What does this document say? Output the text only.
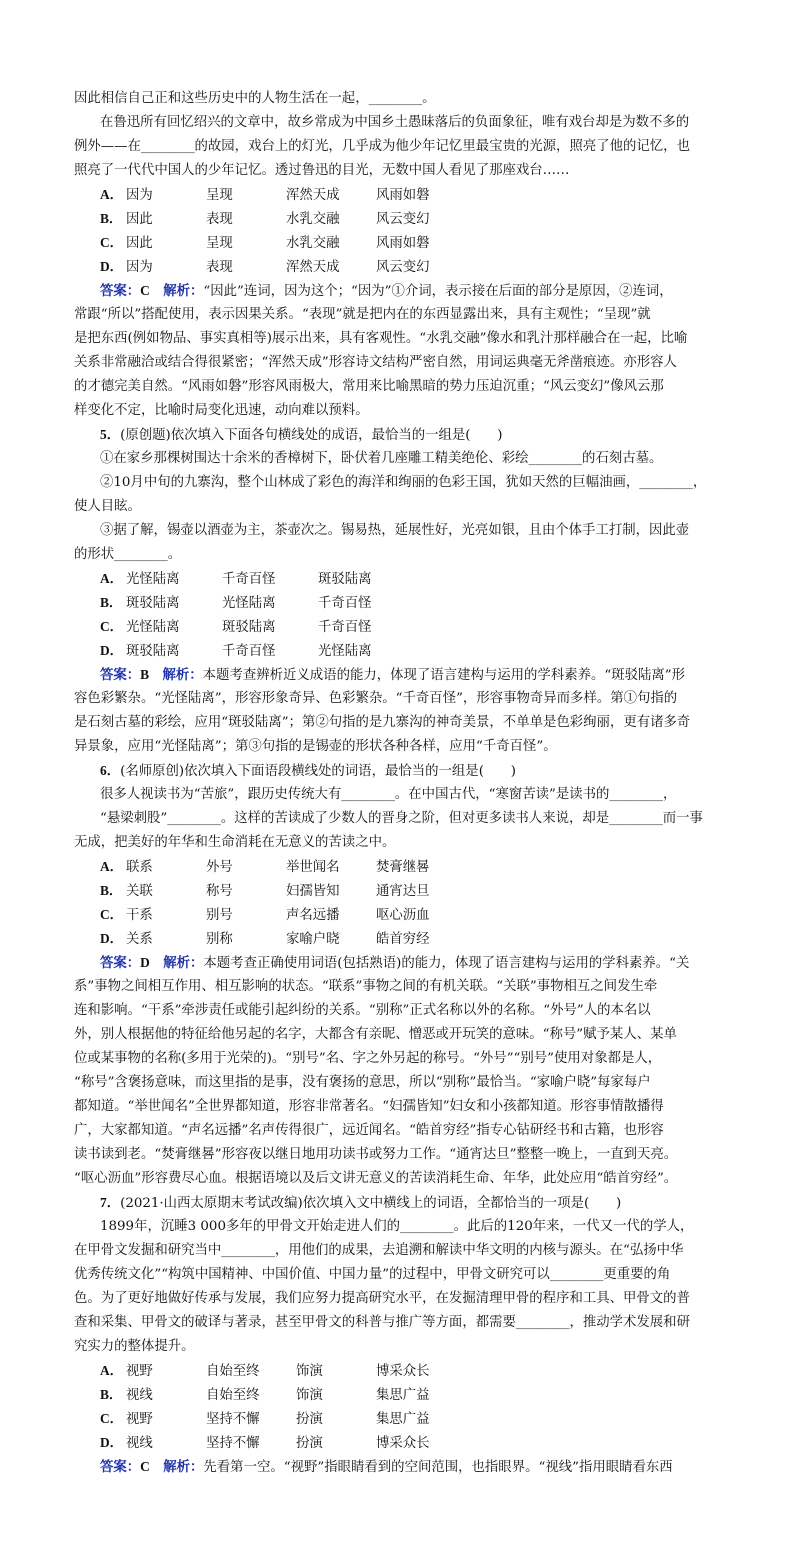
因此相信自己正和这些历史中的人物生活在一起，________。
在鲁迅所有回忆绍兴的文章中，故乡常成为中国乡土愚昧落后的负面象征，唯有戏台却是为数不多的
例外——在________的故园，戏台上的灯光，几乎成为他少年记忆里最宝贵的光源，照亮了他的记忆，也
照亮了一代代中国人的少年记忆。透过鲁迅的目光，无数中国人看见了那座戏台……
A． 因为	呈现	浑然天成	风雨如磐
B． 因此	表现	水乳交融	风云变幻
C． 因此	呈现	水乳交融	风雨如磐
D． 因为	表现	浑然天成	风云变幻
答案：C　 解析：“因此”连词，因为这个；“因为”①介词，表示接在后面的部分是原因，②连词，
常跟“所以”搭配使用，表示因果关系。“表现”就是把内在的东西显露出来，具有主观性；“呈现”就
是把东西(例如物品、事实真相等)展示出来，具有客观性。“水乳交融”像水和乳汁那样融合在一起，比喻
关系非常融洽或结合得很紧密；“浑然天成”形容诗文结构严密自然，用词运典毫无斧凿痕迹。亦形容人
的才德完美自然。“风雨如磐”形容风雨极大，常用来比喻黑暗的势力压迫沉重；“风云变幻”像风云那
样变化不定，比喻时局变化迅速，动向难以预料。
5．(原创题)依次填入下面各句横线处的成语，最恰当的一组是(　　)
①在家乡那棵树围达十余米的香樟树下，卧伏着几座雕工精美绝伦、彩绘________的石刻古墓。
②10月中旬的九寨沟，整个山林成了彩色的海洋和绚丽的色彩王国，犹如天然的巨幅油画，________，
使人目眩。
③据了解，锡壶以酒壶为主，茶壶次之。锡易热，延展性好，光亮如银，且由个体手工打制，因此壶
的形状________。
A． 光怪陆离	千奇百怪	斑驳陆离
B． 斑驳陆离	光怪陆离	千奇百怪
C． 光怪陆离	斑驳陆离	千奇百怪
D． 斑驳陆离	千奇百怪	光怪陆离
答案：B　 解析：本题考查辨析近义成语的能力，体现了语言建构与运用的学科素养。“斑驳陆离”形
容色彩繁杂。“光怪陆离”，形容形象奇异、色彩繁杂。“千奇百怪”，形容事物奇异而多样。第①句指的
是石刻古墓的彩绘，应用“斑驳陆离”；第②句指的是九寨沟的神奇美景，不单单是色彩绚丽，更有诸多奇
异景象，应用“光怪陆离”；第③句指的是锡壶的形状各种各样，应用“千奇百怪”。
6．(名师原创)依次填入下面语段横线处的词语，最恰当的一组是(　　)
很多人视读书为“苦旅”，跟历史传统大有________。在中国古代，“寒窗苦读”是读书的________，
“悬梁刺股”________。这样的苦读成了少数人的晋身之阶，但对更多读书人来说，却是________而一事
无成，把美好的年华和生命消耗在无意义的苦读之中。
A． 联系	外号	举世闻名	焚膏继晷
B． 关联	称号	妇孺皆知	通宵达旦
C． 干系	别号	声名远播	呕心沥血
D． 关系	别称	家喻户晓	皓首穷经
答案：D　 解析：本题考查正确使用词语(包括熟语)的能力，体现了语言建构与运用的学科素养。“关
系”事物之间相互作用、相互影响的状态。“联系”事物之间的有机关联。“关联”事物相互之间发生牵
连和影响。“干系”牵涉责任或能引起纠纷的关系。“别称”正式名称以外的名称。“外号”人的本名以
外，别人根据他的特征给他另起的名字，大都含有亲昵、憎恶或开玩笑的意味。“称号”赋予某人、某单
位或某事物的名称(多用于光荣的)。“别号”名、字之外另起的称号。“外号”“别号”使用对象都是人，
“称号”含褒扬意味，而这里指的是事，没有褒扬的意思，所以“别称”最恰当。“家喻户晓”每家每户
都知道。“举世闻名”全世界都知道，形容非常著名。“妇孺皆知”妇女和小孩都知道。形容事情散播得
广，大家都知道。“声名远播”名声传得很广，远近闻名。“皓首穷经”指专心钻研经书和古籍，也形容
读书读到老。“焚膏继晷”形容夜以继日地用功读书或努力工作。“通宵达旦”整整一晚上，一直到天亮。
“呕心沥血”形容费尽心血。根据语境以及后文讲无意义的苦读消耗生命、年华，此处应用“皓首穷经”。
7．(2021·山西太原期末考试改编)依次填入文中横线上的词语，全都恰当的一项是(　　)
1899年，沉睡3 000多年的甲骨文开始走进人们的________。此后的120年来，一代又一代的学人，
在甲骨文发掘和研究当中________，用他们的成果，去追溯和解读中华文明的内核与源头。在“弘扬中华
优秀传统文化”“构筑中国精神、中国价值、中国力量”的过程中，甲骨文研究可以________更重要的角
色。为了更好地做好传承与发展，我们应努力提高研究水平，在发掘清理甲骨的程序和工具、甲骨文的普
查和采集、甲骨文的破译与著录，甚至甲骨文的科普与推广等方面，都需要________，推动学术发展和研
究实力的整体提升。
A． 视野	自始至终	饰演	博采众长
B． 视线	自始至终	饰演	集思广益
C． 视野	坚持不懈	扮演	集思广益
D． 视线	坚持不懈	扮演	博采众长
答案：C　 解析：先看第一空。“视野”指眼睛看到的空间范围，也指眼界。“视线”指用眼睛看东西
